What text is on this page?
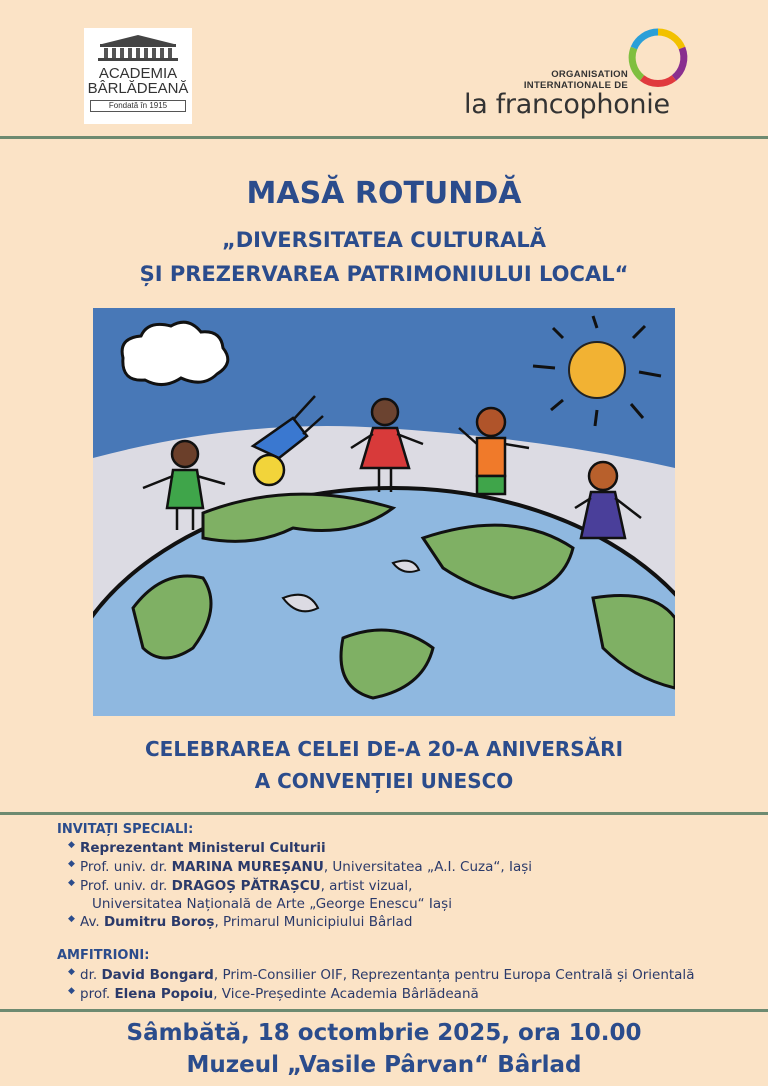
ACADEMIA
BÂRLĂDEANĂ
Fondată în 1915
ORGANISATION
INTERNATIONALE DE
la francophonie
MASĂ ROTUNDĂ
„DIVERSITATEA CULTURALĂ
ȘI PREZERVAREA PATRIMONIULUI LOCAL“
CELEBRAREA CELEI DE-A 20-A ANIVERSĂRI
A CONVENȚIEI UNESCO
INVITAȚI SPECIALI:
◆ Reprezentant Ministerul Culturii
◆ Prof. univ. dr. MARINA MUREȘANU, Universitatea „A.I. Cuza“, Iași
◆ Prof. univ. dr. DRAGOȘ PĂTRAȘCU, artist vizual,
Universitatea Națională de Arte „George Enescu“ Iași
◆ Av. Dumitru Boroș, Primarul Municipiului Bârlad
AMFITRIONI:
◆ dr. David Bongard, Prim-Consilier OIF, Reprezentanța pentru Europa Centrală și Orientală
◆ prof. Elena Popoiu, Vice-Președinte Academia Bârlădeană
Sâmbătă, 18 octombrie 2025, ora 10.00
Muzeul „Vasile Pârvan“ Bârlad
